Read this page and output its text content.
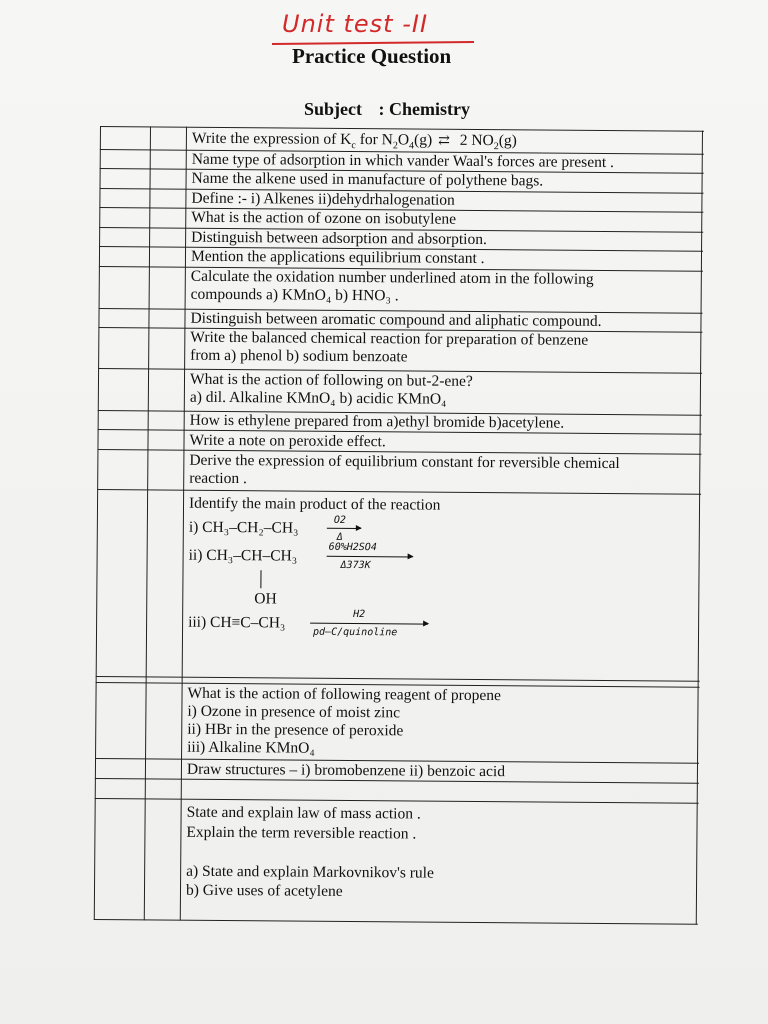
Unit test -II
Practice Question
Subject : Chemistry
Write the expression of $K_c$ for $N_2O_4(g)$ ⇄ 2 $NO_2(g)$
Name type of adsorption in which vander Waal's forces are present .
Name the alkene used in manufacture of polythene bags.
Define :- i) Alkenes ii)dehydrhalogenation
What is the action of ozone on isobutylene
Distinguish between adsorption and absorption.
Mention the applications equilibrium constant .
Calculate the oxidation number underlined atom in the following
compounds a) KMnO₄ b) HNO₃ .
Distinguish between aromatic compound and aliphatic compound.
Write the balanced chemical reaction for preparation of benzene
from a) phenol b) sodium benzoate
What is the action of following on but-2-ene?
a) dil. Alkaline KMnO₄ b) acidic KMnO₄
How is ethylene prepared from a)ethyl bromide b)acetylene.
Write a note on peroxide effect.
Derive the expression of equilibrium constant for reversible chemical
reaction .
Identify the main product of the reaction
i) CH₃–CH₂–CH₃	O2
Δ
ii) CH₃–CH–CH₃	60%H2SO4
Δ373K
OH
iii) CH≡C–CH₃	H2
pd–C/quinoline
What is the action of following reagent of propene
i) Ozone in presence of moist zinc
ii) HBr in the presence of peroxide
iii) Alkaline KMnO₄
Draw structures – i) bromobenzene ii) benzoic acid
State and explain law of mass action .
Explain the term reversible reaction .
a) State and explain Markovnikov's rule
b) Give uses of acetylene
